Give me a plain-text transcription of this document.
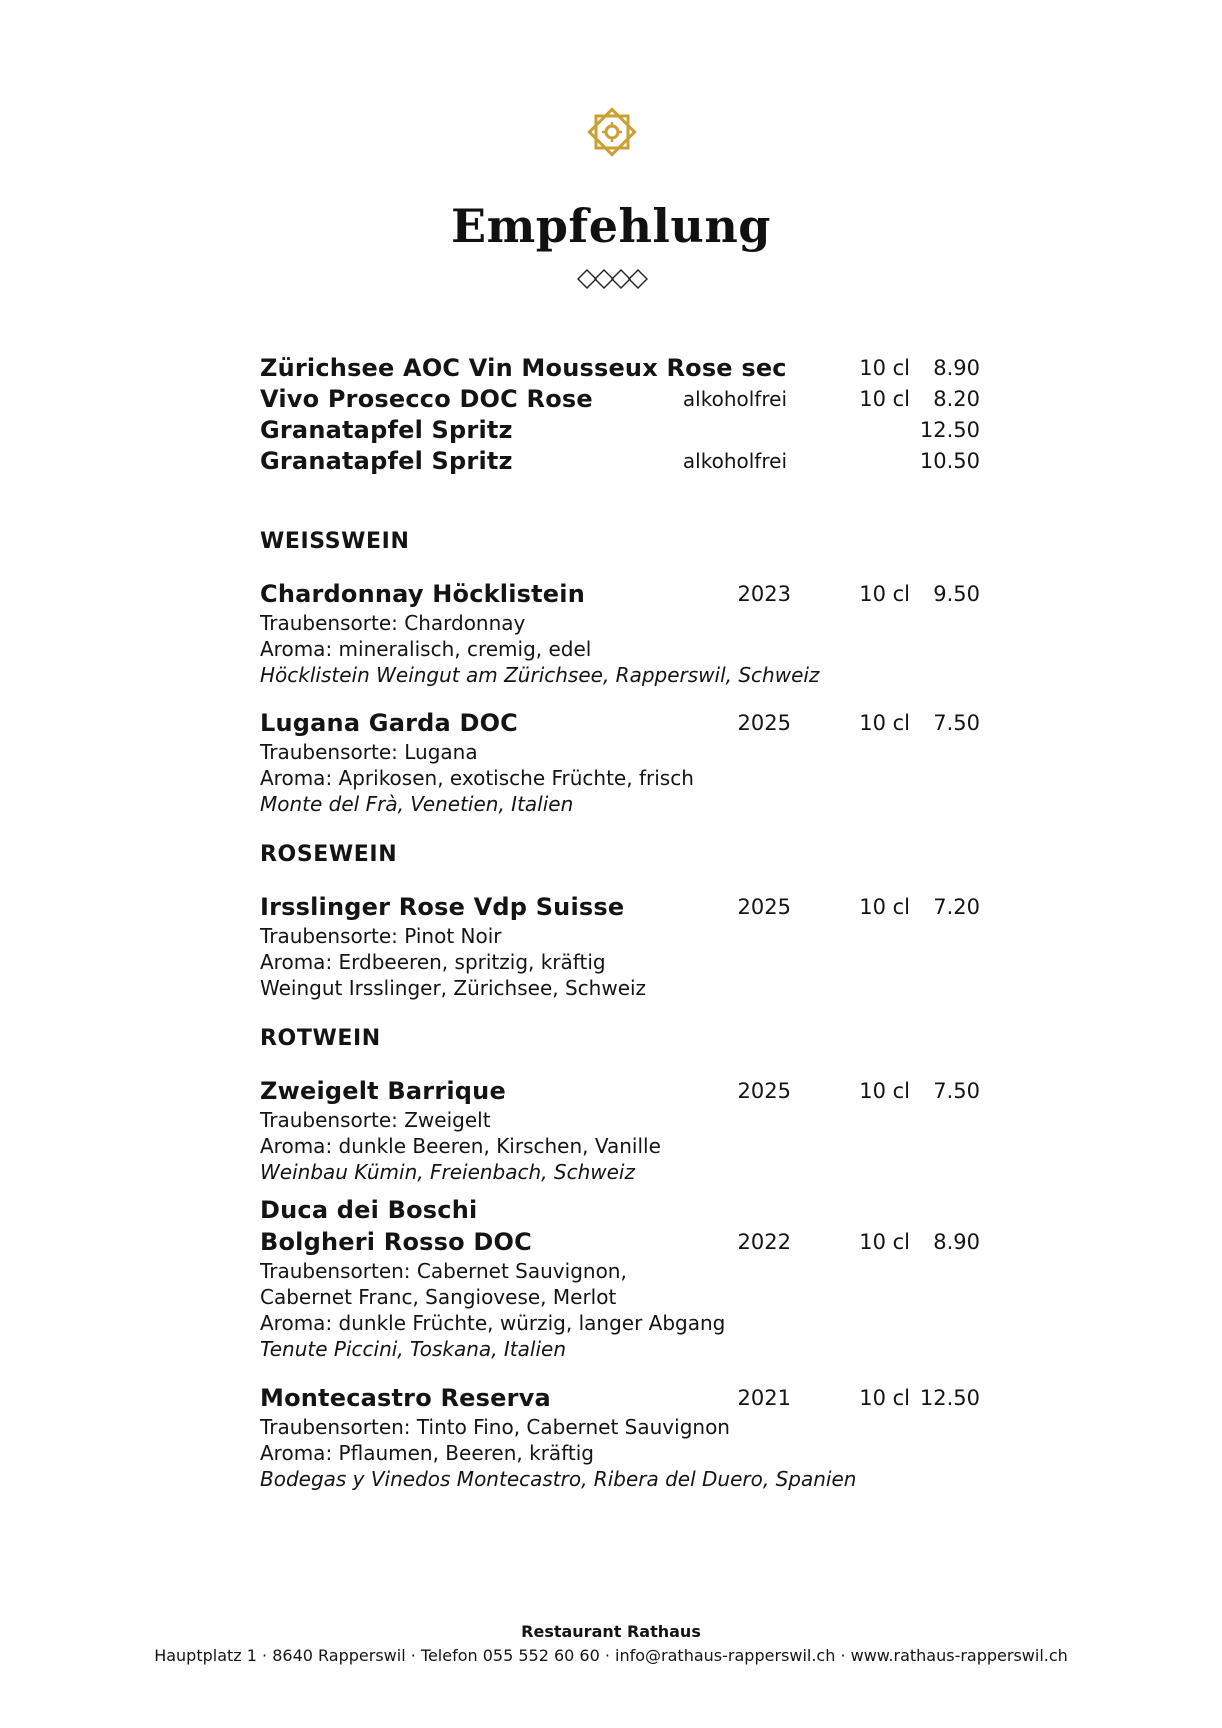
Empfehlung
Zürichsee AOC Vin Mousseux Rose sec	10 cl	8.90
Vivo Prosecco DOC Rose	alkoholfrei	10 cl	8.20
Granatapfel Spritz	12.50
Granatapfel Spritz	alkoholfrei	10.50
WEISSWEIN
Chardonnay Höcklistein	2023	10 cl	9.50
Traubensorte: Chardonnay
Aroma: mineralisch, cremig, edel
Höcklistein Weingut am Zürichsee, Rapperswil, Schweiz
Lugana Garda DOC	2025	10 cl	7.50
Traubensorte: Lugana
Aroma: Aprikosen, exotische Früchte, frisch
Monte del Frà, Venetien, Italien
ROSEWEIN
Irsslinger Rose Vdp Suisse	2025	10 cl	7.20
Traubensorte: Pinot Noir
Aroma: Erdbeeren, spritzig, kräftig
Weingut Irsslinger, Zürichsee, Schweiz
ROTWEIN
Zweigelt Barrique	2025	10 cl	7.50
Traubensorte: Zweigelt
Aroma: dunkle Beeren, Kirschen, Vanille
Weinbau Kümin, Freienbach, Schweiz
Duca dei Boschi
Bolgheri Rosso DOC	2022	10 cl	8.90
Traubensorten: Cabernet Sauvignon,
Cabernet Franc, Sangiovese, Merlot
Aroma: dunkle Früchte, würzig, langer Abgang
Tenute Piccini, Toskana, Italien
Montecastro Reserva	2021	10 cl 12.50
Traubensorten: Tinto Fino, Cabernet Sauvignon
Aroma: Pflaumen, Beeren, kräftig
Bodegas y Vinedos Montecastro, Ribera del Duero, Spanien
Restaurant Rathaus
Hauptplatz 1 · 8640 Rapperswil · Telefon 055 552 60 60 · info@rathaus-rapperswil.ch · www.rathaus-rapperswil.ch
